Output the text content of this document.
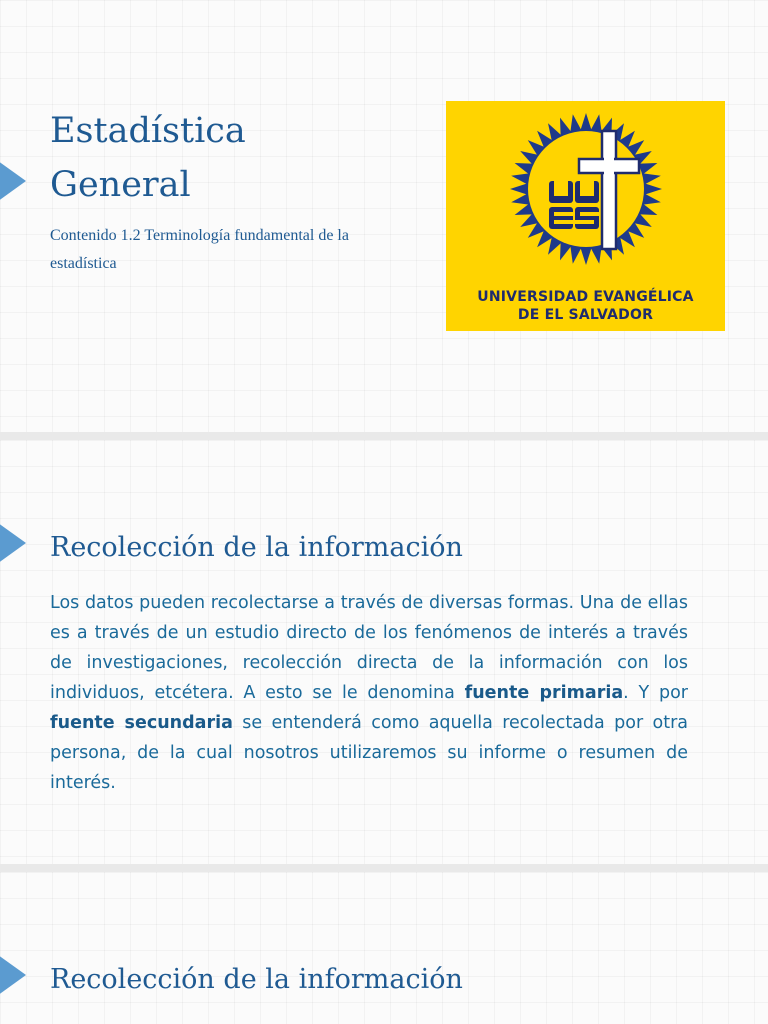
Estadística
General
Contenido 1.2 Terminología fundamental de la estadística
UNIVERSIDAD EVANGÉLICA
DE EL SALVADOR
Recolección de la información

Los datos pueden recolectarse a través de diversas formas. Una de ellas es a través de un estudio directo de los fenómenos de interés a través de investigaciones, recolección directa de la información con los individuos, etcétera. A esto se le denomina fuente primaria. Y por fuente secundaria se entenderá como aquella recolectada por otra persona, de la cual nosotros utilizaremos su informe o resumen de interés.

Recolección de la información
